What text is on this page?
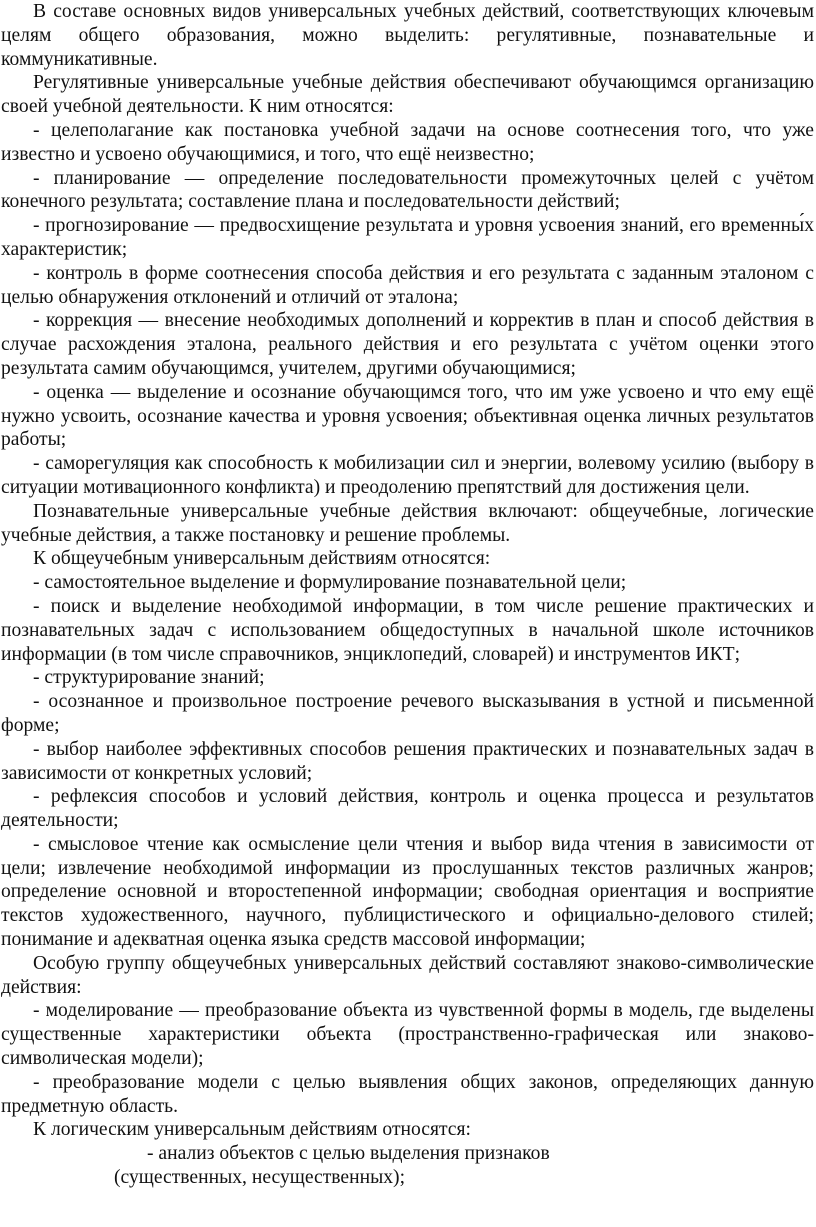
В составе основных видов универсальных учебных действий, соответствующих ключевым целям общего образования, можно выделить: регулятивные, познавательные и коммуникативные.

Регулятивные универсальные учебные действия обеспечивают обучающимся организацию своей учебной деятельности. К ним относятся:

- целеполагание как постановка учебной задачи на основе соотнесения того, что уже известно и усвоено обучающимися, и того, что ещё неизвестно;

- планирование — определение последовательности промежуточных целей с учётом конечного результата; составление плана и последовательности действий;

- прогнозирование — предвосхищение результата и уровня усвоения знаний, его временны́х характеристик;

- контроль в форме соотнесения способа действия и его результата с заданным эталоном с целью обнаружения отклонений и отличий от эталона;

- коррекция — внесение необходимых дополнений и корректив в план и способ действия в случае расхождения эталона, реального действия и его результата с учётом оценки этого результата самим обучающимся, учителем, другими обучающимися;

- оценка — выделение и осознание обучающимся того, что им уже усвоено и что ему ещё нужно усвоить, осознание качества и уровня усвоения; объективная оценка личных результатов работы;

- саморегуляция как способность к мобилизации сил и энергии, волевому усилию (выбору в ситуации мотивационного конфликта) и преодолению препятствий для достижения цели.

Познавательные универсальные учебные действия включают: общеучебные, логические учебные действия, а также постановку и решение проблемы.

К общеучебным универсальным действиям относятся:

- самостоятельное выделение и формулирование познавательной цели;

- поиск и выделение необходимой информации, в том числе решение практических и познавательных задач с использованием общедоступных в начальной школе источников информации (в том числе справочников, энциклопедий, словарей) и инструментов ИКТ;

- структурирование знаний;

- осознанное и произвольное построение речевого высказывания в устной и письменной форме;

- выбор наиболее эффективных способов решения практических и познавательных задач в зависимости от конкретных условий;

- рефлексия способов и условий действия, контроль и оценка процесса и результатов деятельности;

- смысловое чтение как осмысление цели чтения и выбор вида чтения в зависимости от цели; извлечение необходимой информации из прослушанных текстов различных жанров; определение основной и второстепенной информации; свободная ориентация и восприятие текстов художественного, научного, публицистического и официально-делового стилей; понимание и адекватная оценка языка средств массовой информации;

Особую группу общеучебных универсальных действий составляют знаково-символические действия:

- моделирование — преобразование объекта из чувственной формы в модель, где выделены существенные характеристики объекта (пространственно-графическая или знаково-символическая модели);

- преобразование модели с целью выявления общих законов, определяющих данную предметную область.

К логическим универсальным действиям относятся:

- анализ объектов с целью выделения признаков

(существенных, несущественных);
